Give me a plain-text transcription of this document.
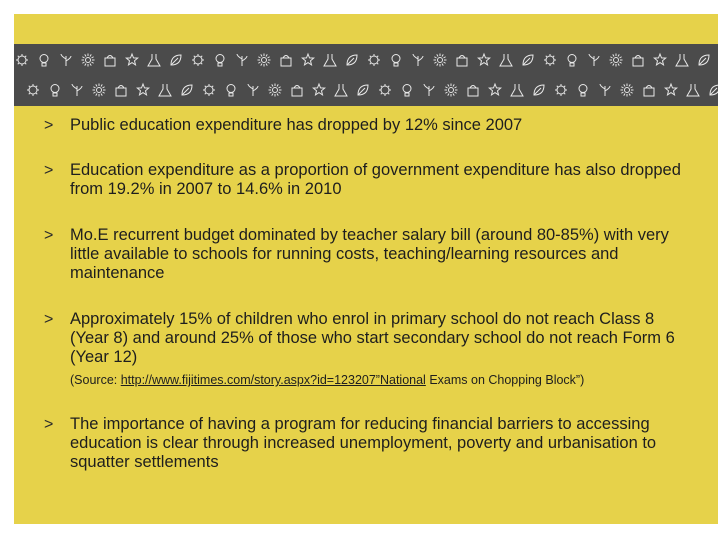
> Public education expenditure has dropped by 12% since 2007
> Education expenditure as a proportion of government expenditure has also dropped from 19.2% in 2007 to 14.6% in 2010
> Mo.E recurrent budget dominated by teacher salary bill (around 80-85%) with very little available to schools for running costs, teaching/learning resources and maintenance
> Approximately 15% of children who enrol in primary school do not reach Class 8 (Year 8) and around 25% of those who start secondary school do not reach Form 6 (Year 12)
(Source: http://www.fijitimes.com/story.aspx?id=123207”National Exams on Chopping Block”)
> The importance of having a program for reducing financial barriers to accessing education is clear through increased unemployment, poverty and urbanisation to squatter settlements
